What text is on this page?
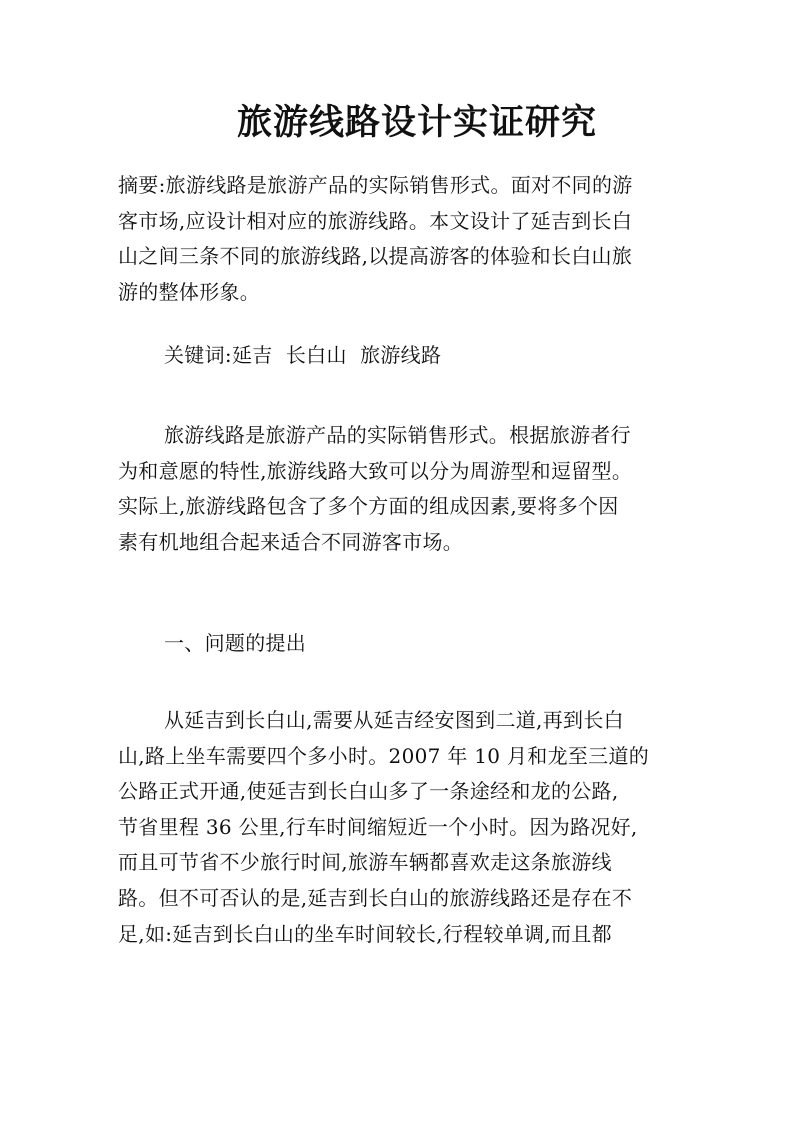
旅游线路设计实证研究
摘要:旅游线路是旅游产品的实际销售形式。面对不同的游
客市场,应设计相对应的旅游线路。本文设计了延吉到长白
山之间三条不同的旅游线路,以提高游客的体验和长白山旅
游的整体形象。
关键词:延吉  长白山  旅游线路
旅游线路是旅游产品的实际销售形式。根据旅游者行
为和意愿的特性,旅游线路大致可以分为周游型和逗留型。
实际上,旅游线路包含了多个方面的组成因素,要将多个因
素有机地组合起来适合不同游客市场。
一、问题的提出
从延吉到长白山,需要从延吉经安图到二道,再到长白
山,路上坐车需要四个多小时。2007 年 10 月和龙至三道的
公路正式开通,使延吉到长白山多了一条途经和龙的公路,
节省里程 36 公里,行车时间缩短近一个小时。因为路况好,
而且可节省不少旅行时间,旅游车辆都喜欢走这条旅游线
路。但不可否认的是,延吉到长白山的旅游线路还是存在不
足,如:延吉到长白山的坐车时间较长,行程较单调,而且都
